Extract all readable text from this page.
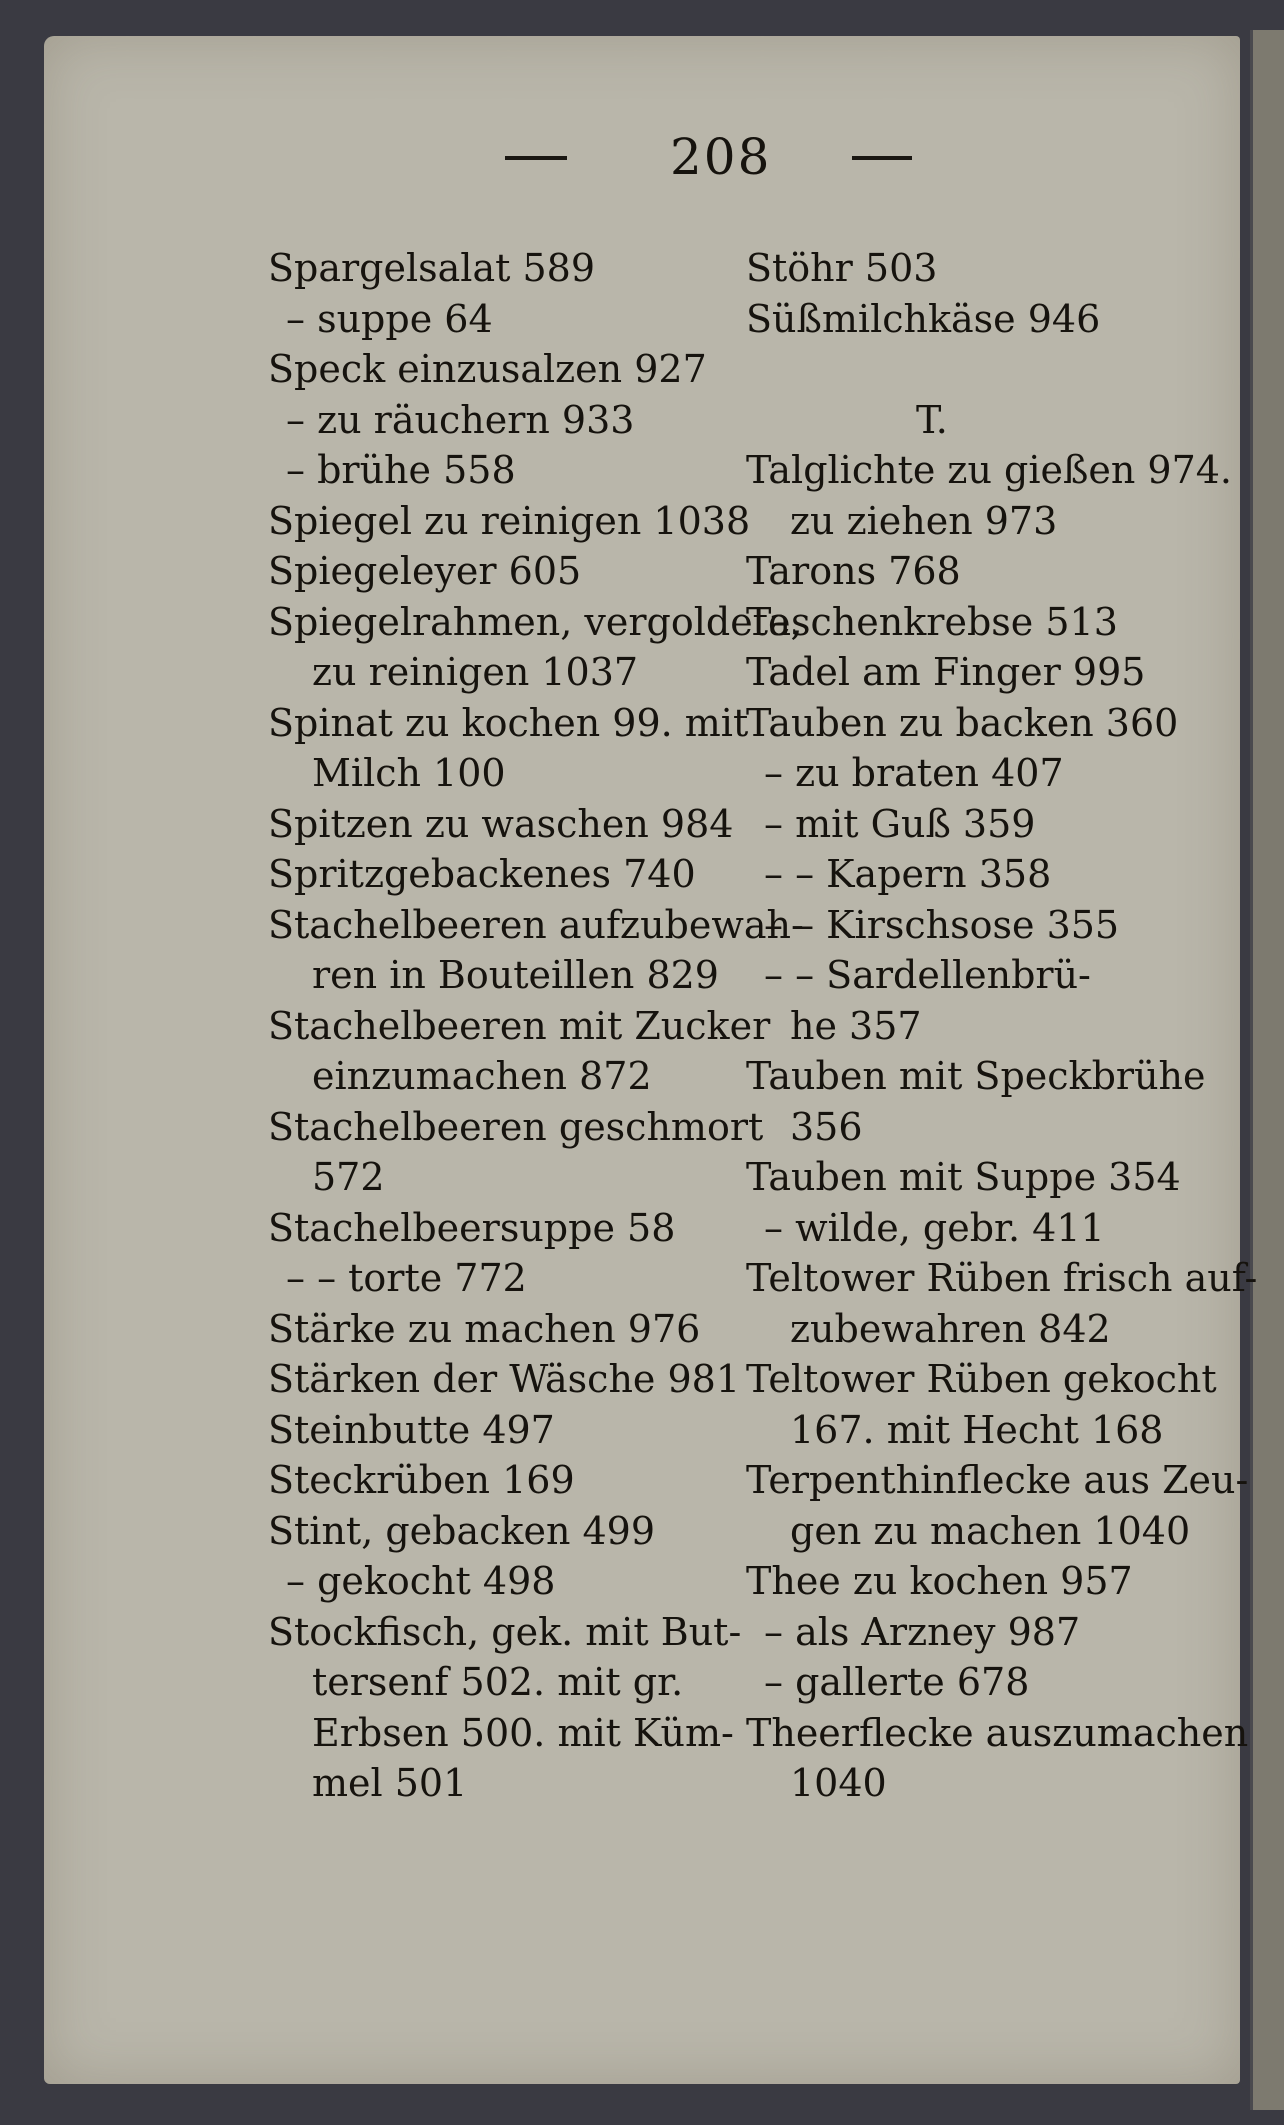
208
Spargelsalat 589
– suppe 64
Speck einzusalzen 927
– zu räuchern 933
– brühe 558
Spiegel zu reinigen 1038
Spiegeleyer 605
Spiegelrahmen, vergoldete,
zu reinigen 1037
Spinat zu kochen 99. mit
Milch 100
Spitzen zu waschen 984
Spritzgebackenes 740
Stachelbeeren aufzubewah-
ren in Bouteillen 829
Stachelbeeren mit Zucker
einzumachen 872
Stachelbeeren geschmort
572
Stachelbeersuppe 58
– – torte 772
Stärke zu machen 976
Stärken der Wäsche 981
Steinbutte 497
Steckrüben 169
Stint, gebacken 499
– gekocht 498
Stockfisch, gek. mit But-
tersenf 502. mit gr.
Erbsen 500. mit Küm-
mel 501
Stöhr 503
Süßmilchkäse 946
T.
Talglichte zu gießen 974.
zu ziehen 973
Tarons 768
Taschenkrebse 513
Tadel am Finger 995
Tauben zu backen 360
– zu braten 407
– mit Guß 359
– – Kapern 358
– – Kirschsose 355
– – Sardellenbrü-
he 357
Tauben mit Speckbrühe
356
Tauben mit Suppe 354
– wilde, gebr. 411
Teltower Rüben frisch auf-
zubewahren 842
Teltower Rüben gekocht
167. mit Hecht 168
Terpenthinflecke aus Zeu-
gen zu machen 1040
Thee zu kochen 957
– als Arzney 987
– gallerte 678
Theerflecke auszumachen
1040
